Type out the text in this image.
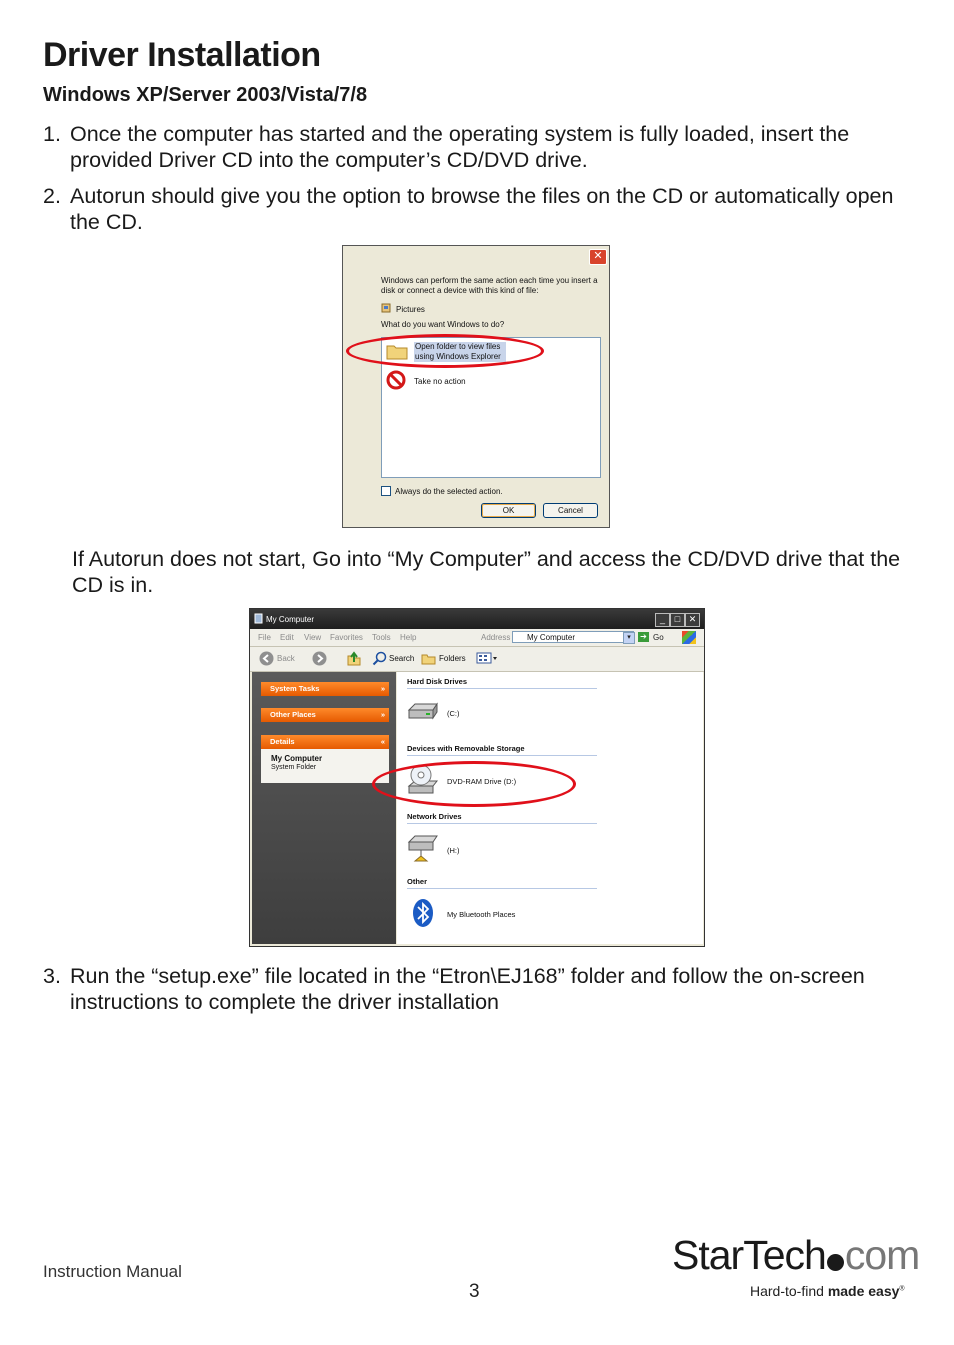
Driver Installation
Windows XP/Server 2003/Vista/7/8
1. Once the computer has started and the operating system is fully loaded, insert the provided Driver CD into the computer’s CD/DVD drive.
2. Autorun should give you the option to browse the files on the CD or automatically open the CD.
✕
Windows can perform the same action each time you insert a disk or connect a device with this kind of file:
Pictures
What do you want Windows to do?
Open folder to view files using Windows Explorer
Take no action
Always do the selected action.
OK	Cancel
If Autorun does not start, Go into “My Computer” and access the CD/DVD drive that the CD is in.
My Computer	_	□ ✕
File Edit View Favorites Tools Help	Address	My Computer	▾	➔ Go
Back	Search	Folders
System Tasks	»
Other Places	»
Details	«
My Computer
System Folder
Hard Disk Drives
(C:)
Devices with Removable Storage
DVD-RAM Drive (D:)
Network Drives
(H:)
Other
My Bluetooth Places
3. Run the “setup.exe” file located in the “Etron\EJ168” folder and follow the on-screen instructions to complete the driver installation
Instruction Manual
3
StarTech com
Hard-to-find made easy®
